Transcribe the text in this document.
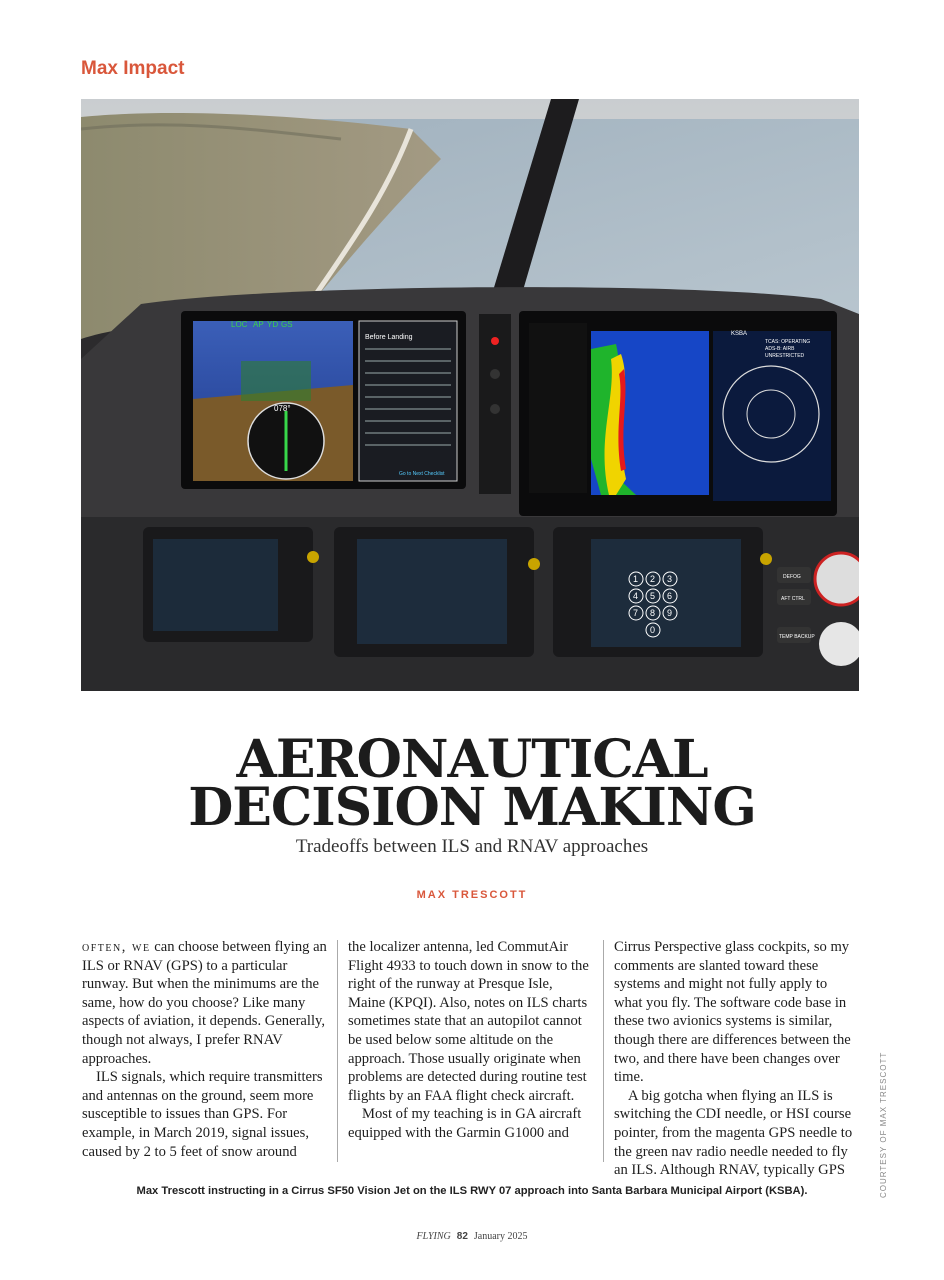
Max Impact
LOC AP YD GS
078°
Before Landing
Go to Next Checklist
TCAS: OPERATING
ADS-B: AIRB
UNRESTRICTED
KSBA
1 2 3
4 5 6
7 8 9
0
DEFOG
AFT CTRL
TEMP BACKUP
AERONAUTICAL
DECISION MAKING
Tradeoffs between ILS and RNAV approaches
MAX TRESCOTT

often, we can choose between flying an ILS or RNAV (GPS) to a particular runway. But when the minimums are the same, how do you choose? Like many aspects of aviation, it depends. Generally, though not always, I prefer RNAV approaches.

ILS signals, which require transmitters and antennas on the ground, seem more susceptible to issues than GPS. For example, in March 2019, signal issues, caused by 2 to 5 feet of snow around

the localizer antenna, led CommutAir Flight 4933 to touch down in snow to the right of the runway at Presque Isle, Maine (KPQI). Also, notes on ILS charts sometimes state that an autopilot cannot be used below some altitude on the approach. Those usually originate when problems are detected during routine test flights by an FAA flight check aircraft.

Most of my teaching is in GA aircraft equipped with the Garmin G1000 and

Cirrus Perspective glass cockpits, so my comments are slanted toward these systems and might not fully apply to what you fly. The software code base in these two avionics systems is similar, though there are differences between the two, and there have been changes over time.

A big gotcha when flying an ILS is switching the CDI needle, or HSI course pointer, from the magenta GPS needle to the green nav radio needle needed to fly an ILS. Although RNAV, typically GPS	COURTESY OF MAX TRESCOTT
Max Trescott instructing in a Cirrus SF50 Vision Jet on the ILS RWY 07 approach into Santa Barbara Municipal Airport (KSBA).
FLYING 82 January 2025
